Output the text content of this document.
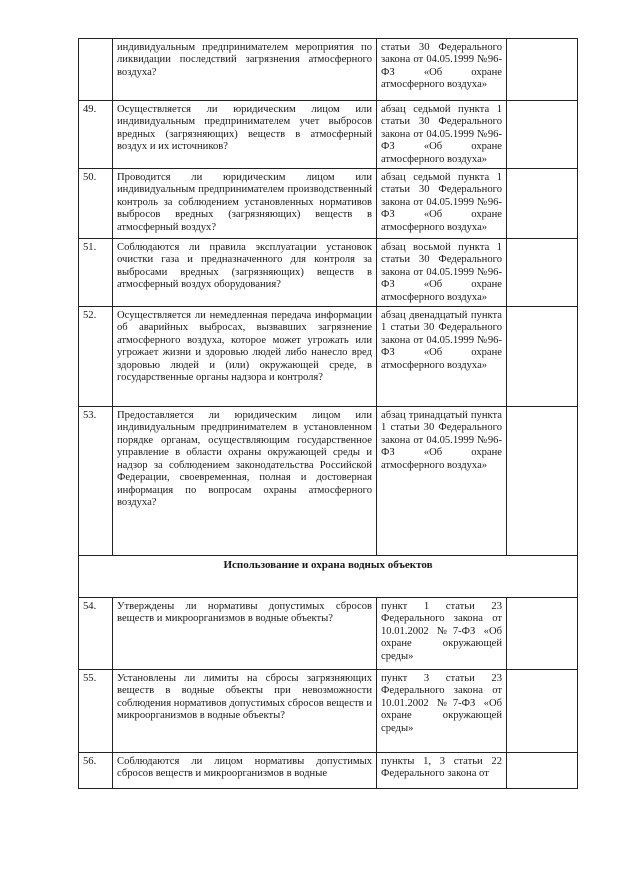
	индивидуальным предпринимателем мероприятия по ликвидации последствий загрязнения атмосферного воздуха?	статьи 30 Федерального закона от 04.05.1999 №96-ФЗ «Об охране атмосферного воздуха»	
49.	Осуществляется ли юридическим лицом или индивидуальным предпринимателем учет выбросов вредных (загрязняющих) веществ в атмосферный воздух и их источников?	абзац седьмой пункта 1 статьи 30 Федерального закона от 04.05.1999 №96-ФЗ «Об охране атмосферного воздуха»	
50.	Проводится ли юридическим лицом или индивидуальным предпринимателем производственный контроль за соблюдением установленных нормативов выбросов вредных (загрязняющих) веществ в атмосферный воздух?	абзац седьмой пункта 1 статьи 30 Федерального закона от 04.05.1999 №96-ФЗ «Об охране атмосферного воздуха»	
51.	Соблюдаются ли правила эксплуатации установок очистки газа и предназначенного для контроля за выбросами вредных (загрязняющих) веществ в атмосферный воздух оборудования?	абзац восьмой пункта 1 статьи 30 Федерального закона от 04.05.1999 №96-ФЗ «Об охране атмосферного воздуха»	
52.	Осуществляется ли немедленная передача информации об аварийных выбросах, вызвавших загрязнение атмосферного воздуха, которое может угрожать или угрожает жизни и здоровью людей либо нанесло вред здоровью людей и (или) окружающей среде, в государственные органы надзора и контроля?	абзац двенадцатый пункта 1 статьи 30 Федерального закона от 04.05.1999 №96-ФЗ «Об охране атмосферного воздуха»	
53.	Предоставляется ли юридическим лицом или индивидуальным предпринимателем в установленном порядке органам, осуществляющим государственное управление в области охраны окружающей среды и надзор за соблюдением законодательства Российской Федерации, своевременная, полная и достоверная информация по вопросам охраны атмосферного воздуха?	абзац тринадцатый пункта 1 статьи 30 Федерального закона от 04.05.1999 №96-ФЗ «Об охране атмосферного воздуха»	
Использование и охрана водных объектов			
54.	Утверждены ли нормативы допустимых сбросов веществ и микроорганизмов в водные объекты?	пункт 1 статьи 23 Федерального закона от 10.01.2002 №7-ФЗ «Об охране окружающей среды»	
55.	Установлены ли лимиты на сбросы загрязняющих веществ в водные объекты при невозможности соблюдения нормативов допустимых сбросов веществ и микроорганизмов в водные объекты?	пункт 3 статьи 23 Федерального закона от 10.01.2002 №7-ФЗ «Об охране окружающей среды»	
56.	Соблюдаются ли лицом нормативы допустимых сбросов веществ и микроорганизмов в водные	пункты 1, 3 статьи 22 Федерального закона от	
